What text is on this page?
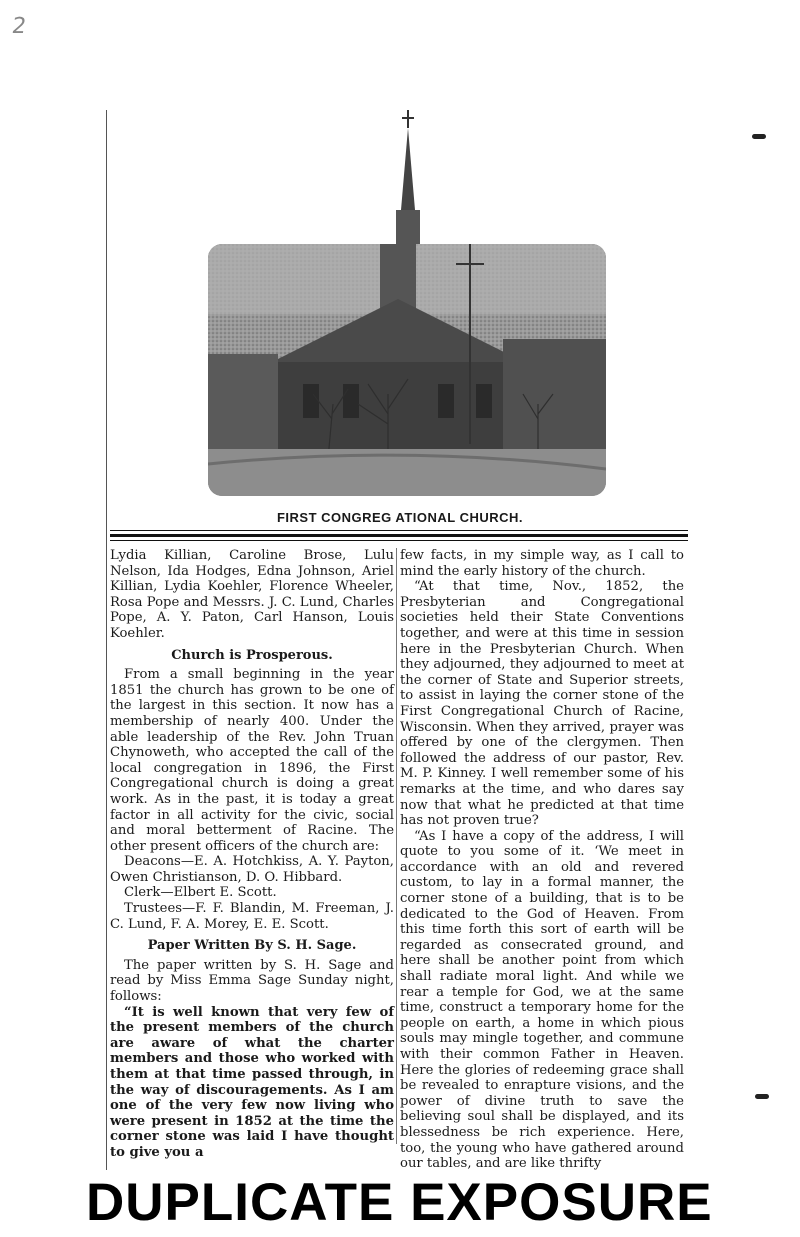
2
FIRST CONGREG ATIONAL CHURCH.

Lydia Killian, Caroline Brose, Lulu Nelson, Ida Hodges, Edna Johnson, Ariel Killian, Lydia Koehler, Florence Wheeler, Rosa Pope and Messrs. J. C. Lund, Charles Pope, A. Y. Paton, Carl Hanson, Louis Koehler.

Church is Prosperous.

From a small beginning in the year 1851 the church has grown to be one of the largest in this section. It now has a membership of nearly 400. Under the able leadership of the Rev. John Truan Chynoweth, who accepted the call of the local congregation in 1896, the First Congregational church is doing a great work. As in the past, it is today a great factor in all activity for the civic, social and moral betterment of Racine. The other present officers of the church are:

Deacons—E. A. Hotchkiss, A. Y. Payton, Owen Christianson, D. O. Hibbard.

Clerk—Elbert E. Scott.

Trustees—F. F. Blandin, M. Freeman, J. C. Lund, F. A. Morey, E. E. Scott.

Paper Written By S. H. Sage.

The paper written by S. H. Sage and read by Miss Emma Sage Sunday night, follows:

“It is well known that very few of the present members of the church are aware of what the charter members and those who worked with them at that time passed through, in the way of discouragements. As I am one of the very few now living who were present in 1852 at the time the corner stone was laid I have thought to give you a

few facts, in my simple way, as I call to mind the early history of the church.

“At that time, Nov., 1852, the Presbyterian and Congregational societies held their State Conventions together, and were at this time in session here in the Presbyterian Church. When they adjourned, they adjourned to meet at the corner of State and Superior streets, to assist in laying the corner stone of the First Congregational Church of Racine, Wisconsin. When they arrived, prayer was offered by one of the clergymen. Then followed the address of our pastor, Rev. M. P. Kinney. I well remember some of his remarks at the time, and who dares say now that what he predicted at that time has not proven true?

“As I have a copy of the address, I will quote to you some of it. ‘We meet in accordance with an old and revered custom, to lay in a formal manner, the corner stone of a building, that is to be dedicated to the God of Heaven. From this time forth this sort of earth will be regarded as consecrated ground, and here shall be another point from which shall radiate moral light. And while we rear a temple for God, we at the same time, construct a temporary home for the people on earth, a home in which pious souls may mingle together, and commune with their common Father in Heaven. Here the glories of redeeming grace shall be revealed to enrapture visions, and the power of divine truth to save the believing soul shall be displayed, and its blessedness be rich experience. Here, too, the young who have gathered around our tables, and are like thrifty

DUPLICATE EXPOSURE
